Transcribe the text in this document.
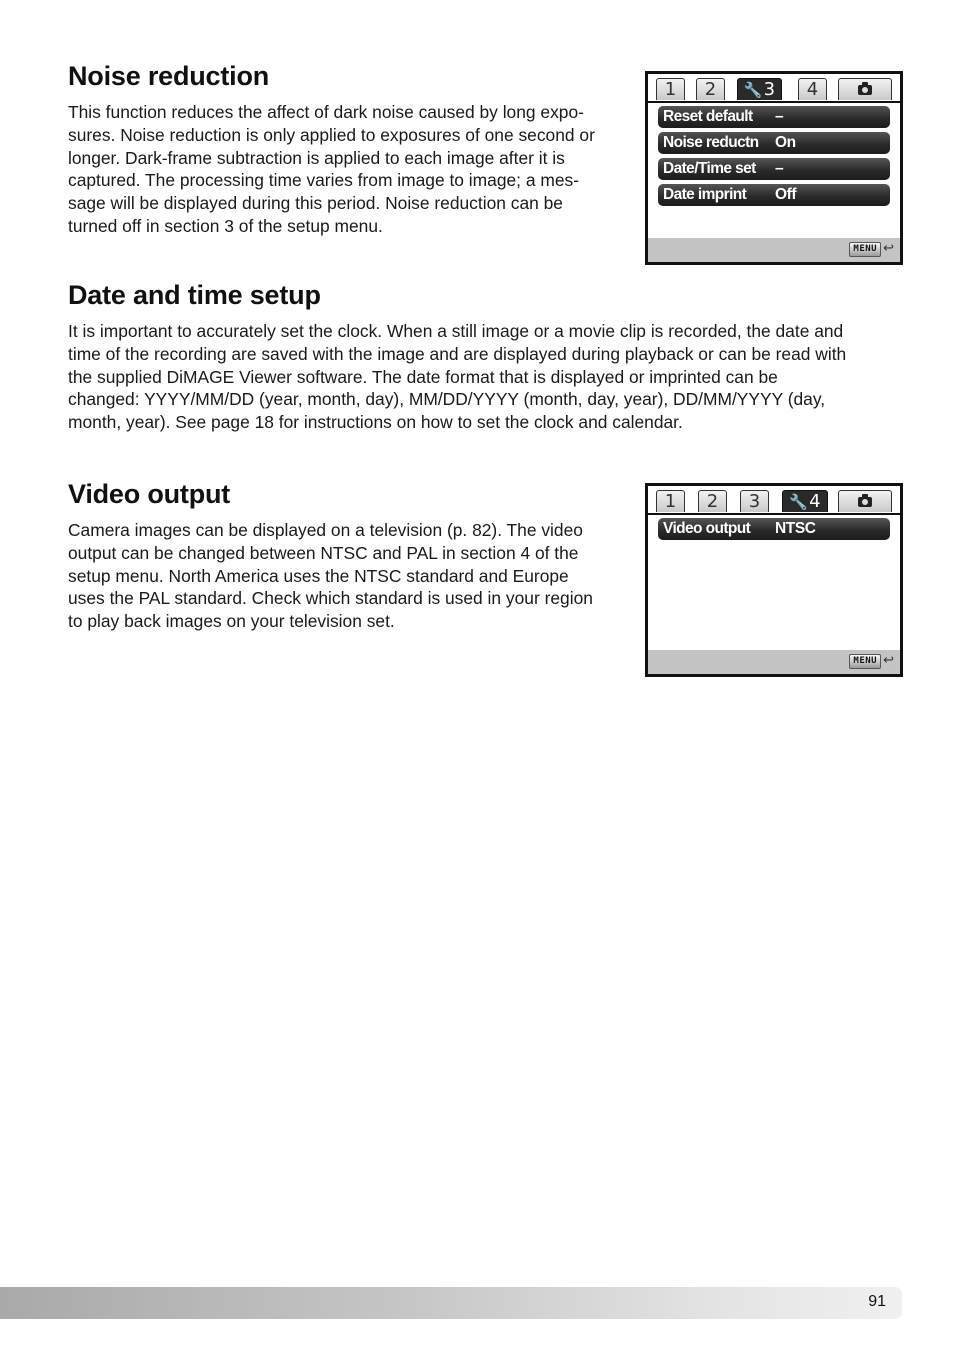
Noise reduction
This function reduces the affect of dark noise caused by long expo-
sures. Noise reduction is only applied to exposures of one second or
longer. Dark-frame subtraction is applied to each image after it is
captured. The processing time varies from image to image; a mes-
sage will be displayed during this period. Noise reduction can be
turned off in section 3 of the setup menu.
1	2	🔧3	4
Reset default –
Noise reductn On
Date/Time set –
Date imprint Off
MENU ↩
Date and time setup
It is important to accurately set the clock. When a still image or a movie clip is recorded, the date and
time of the recording are saved with the image and are displayed during playback or can be read with
the supplied DiMAGE Viewer software. The date format that is displayed or imprinted can be
changed: YYYY/MM/DD (year, month, day), MM/DD/YYYY (month, day, year), DD/MM/YYYY (day,
month, year). See page 18 for instructions on how to set the clock and calendar.
Video output
Camera images can be displayed on a television (p. 82). The video
output can be changed between NTSC and PAL in section 4 of the
setup menu. North America uses the NTSC standard and Europe
uses the PAL standard. Check which standard is used in your region
to play back images on your television set.
1	2	3	🔧4
Video output NTSC
MENU ↩
91
